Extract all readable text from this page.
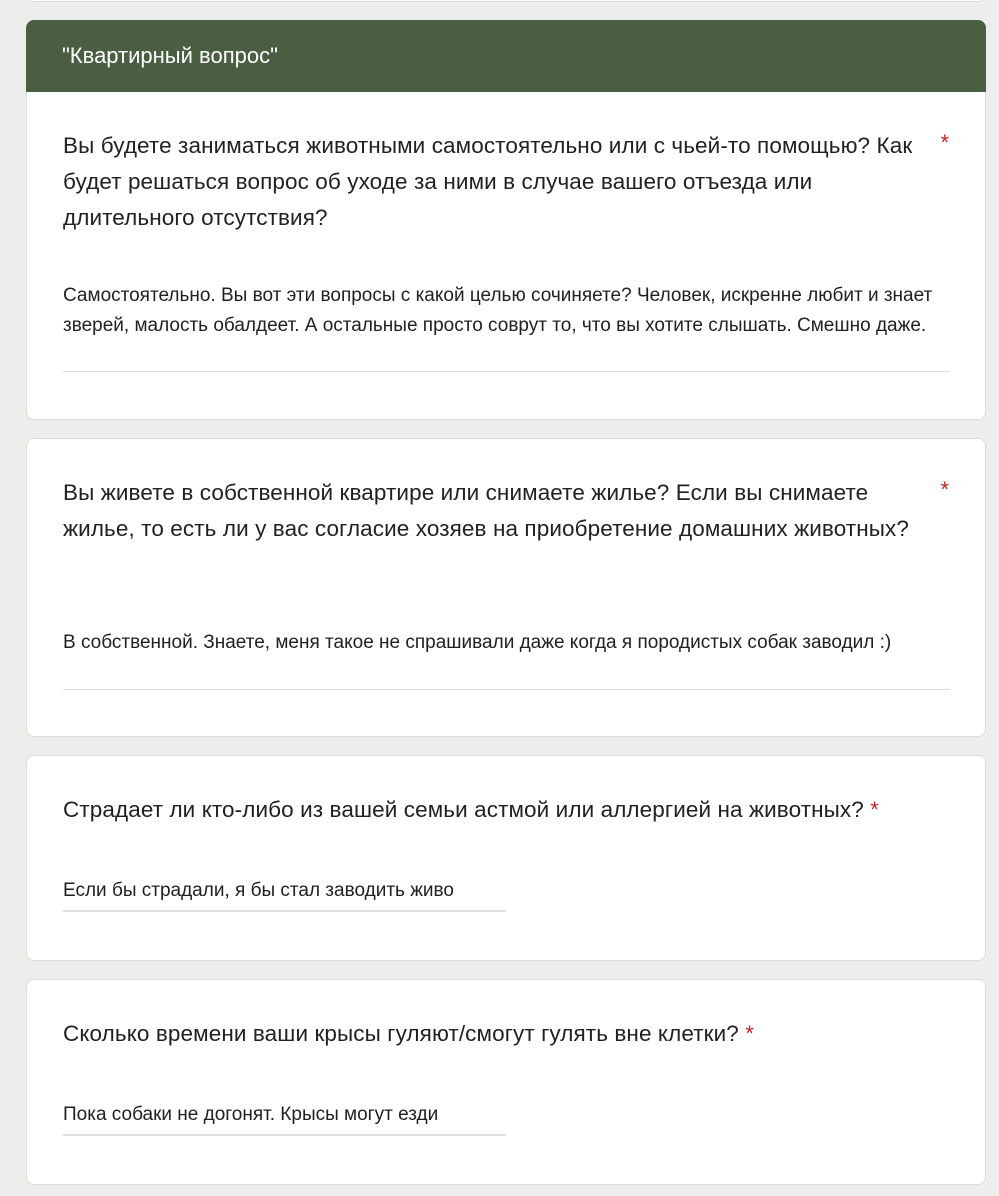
"Квартирный вопрос"
Вы будете заниматься животными самостоятельно или с чьей-то помощью? Как будет решаться вопрос об уходе за ними в случае вашего отъезда или длительного отсутствия?
*
Самостоятельно. Вы вот эти вопросы с какой целью сочиняете? Человек, искренне любит и знает зверей, малость обалдеет. А остальные просто соврут то, что вы хотите слышать. Смешно даже.
Вы живете в собственной квартире или снимаете жилье? Если вы снимаете жилье, то есть ли у вас согласие хозяев на приобретение домашних животных?
*
В собственной. Знаете, меня такое не спрашивали даже когда я породистых собак заводил :)
Страдает ли кто-либо из вашей семьи астмой или аллергией на животных? *
Если бы страдали, я бы стал заводить живо
Сколько времени ваши крысы гуляют/смогут гулять вне клетки? *
Пока собаки не догонят. Крысы могут езди
